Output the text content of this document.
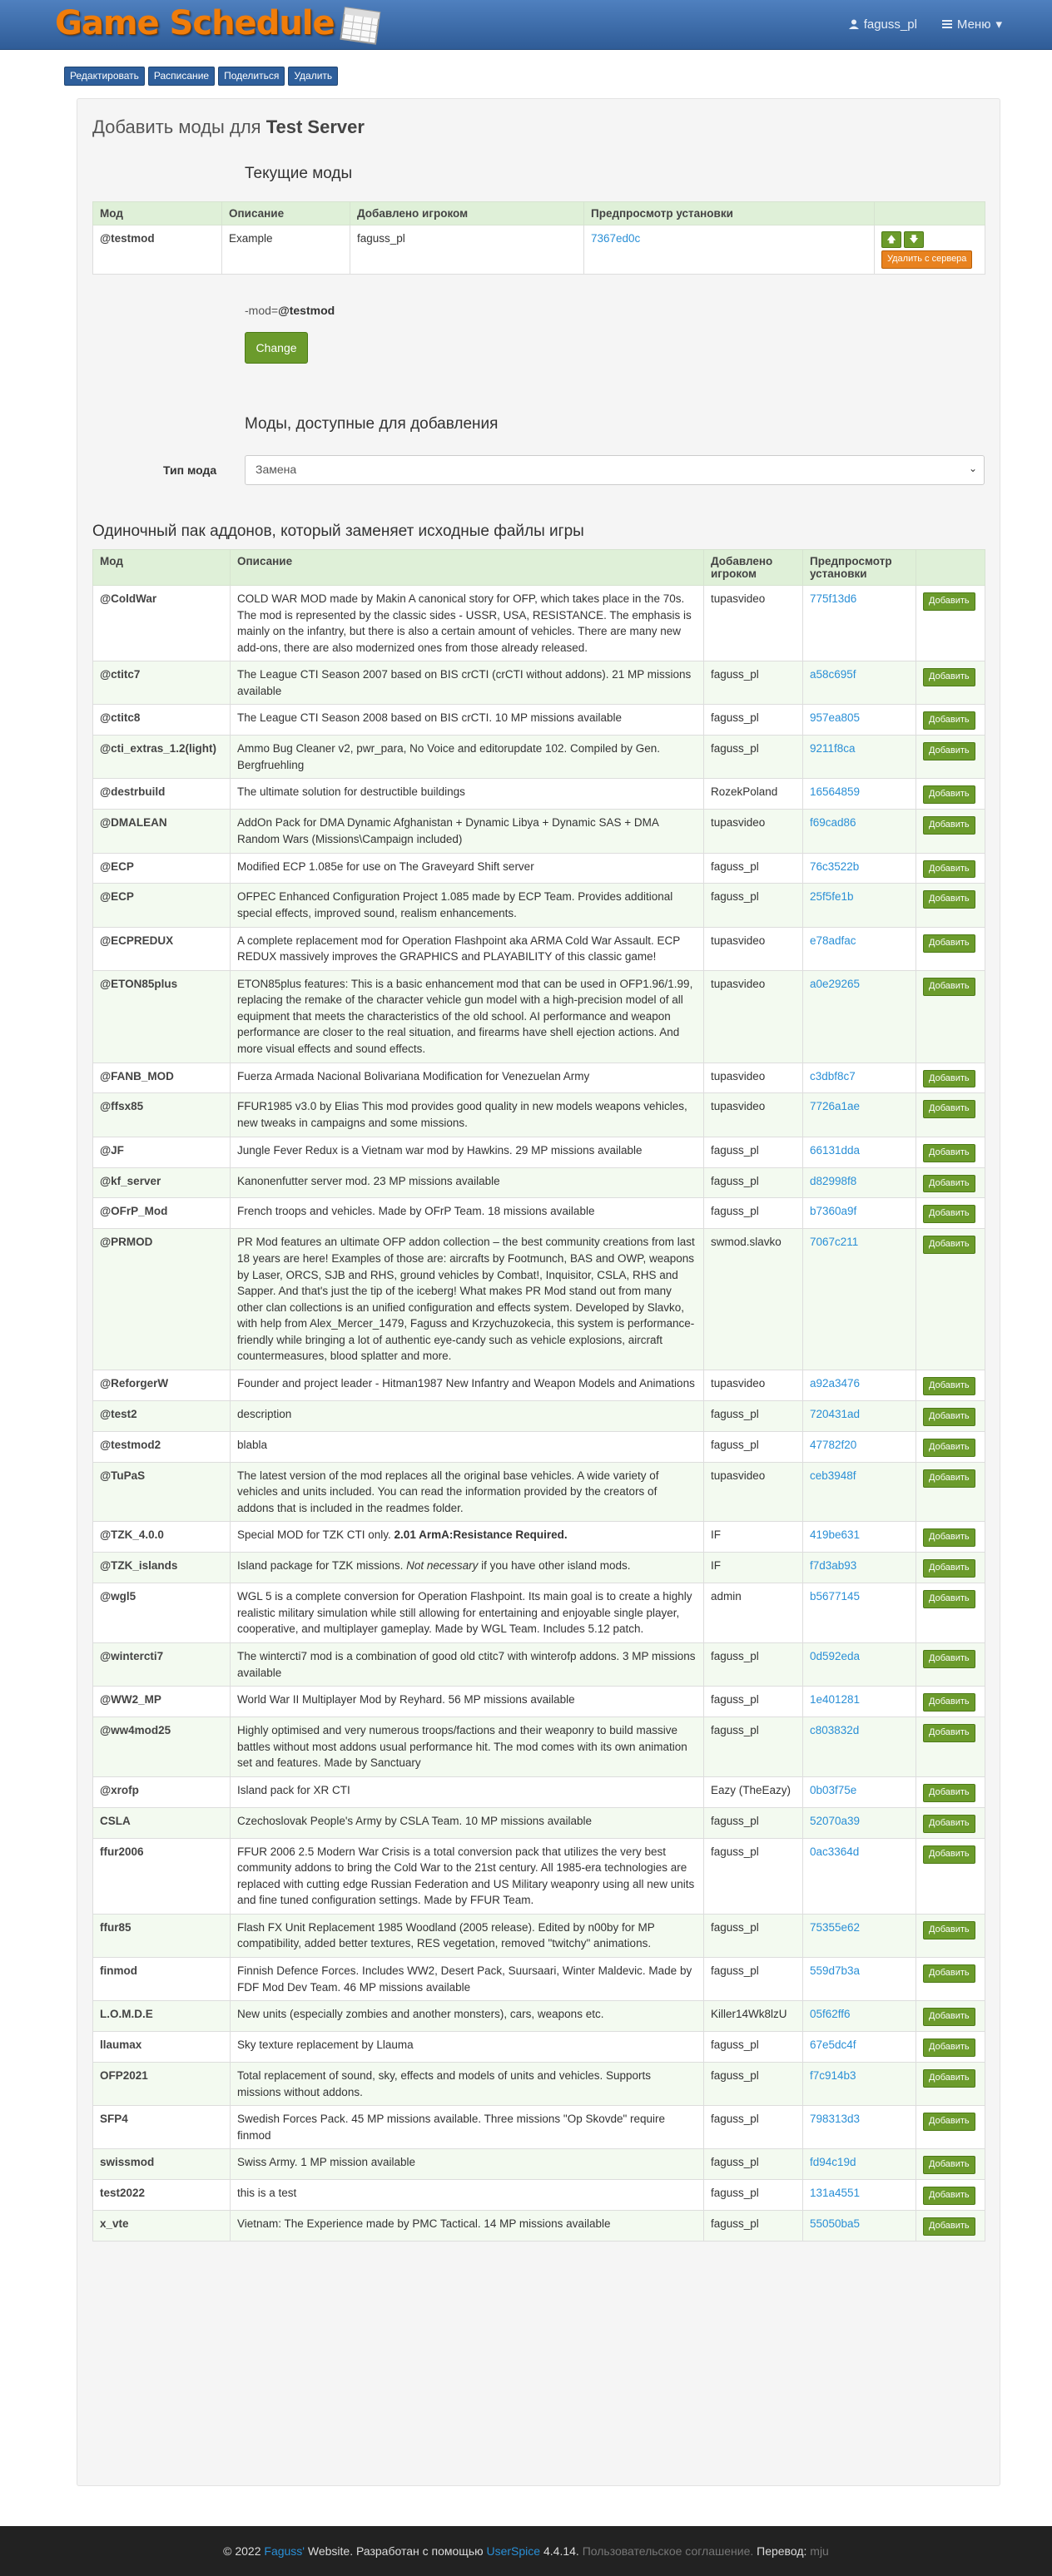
Game Schedule	faguss_pl	Меню ▾
Редактировать	Расписание	Поделиться	Удалить
Добавить моды для Test Server
Текущие моды
Мод	Описание	Добавлено игроком	Предпросмотр установки	
@testmod	Example	faguss_pl	7367ed0c	🡅 🡇
Удалить с сервера
-mod=@testmod
Change
Моды, доступные для добавления
Тип мода	Замена	⌄
Одиночный пак аддонов, который заменяет исходные файлы игры
Мод	Описание	Добавлено игроком	Предпросмотр установки	
@ColdWar	COLD WAR MOD made by Makin A canonical story for OFP, which takes place in the 70s. The mod is represented by the classic sides - USSR, USA, RESISTANCE. The emphasis is mainly on the infantry, but there is also a certain amount of vehicles. There are many new add-ons, there are also modernized ones from those already released.	tupasvideo	775f13d6	Добавить
@ctitc7	The League CTI Season 2007 based on BIS crCTI (crCTI without addons). 21 MP missions available	faguss_pl	a58c695f	Добавить
@ctitc8	The League CTI Season 2008 based on BIS crCTI. 10 MP missions available	faguss_pl	957ea805	Добавить
@cti_extras_1.2(light)	Ammo Bug Cleaner v2, pwr_para, No Voice and editorupdate 102. Compiled by Gen. Bergfruehling	faguss_pl	9211f8ca	Добавить
@destrbuild	The ultimate solution for destructible buildings	RozekPoland	16564859	Добавить
@DMALEAN	AddOn Pack for DMA Dynamic Afghanistan + Dynamic Libya + Dynamic SAS + DMA Random Wars (Missions\Campaign included)	tupasvideo	f69cad86	Добавить
@ECP	Modified ECP 1.085e for use on The Graveyard Shift server	faguss_pl	76c3522b	Добавить
@ECP	OFPEC Enhanced Configuration Project 1.085 made by ECP Team. Provides additional special effects, improved sound, realism enhancements.	faguss_pl	25f5fe1b	Добавить
@ECPREDUX	A complete replacement mod for Operation Flashpoint aka ARMA Cold War Assault. ECP REDUX massively improves the GRAPHICS and PLAYABILITY of this classic game!	tupasvideo	e78adfac	Добавить
@ETON85plus	ETON85plus features: This is a basic enhancement mod that can be used in OFP1.96/1.99, replacing the remake of the character vehicle gun model with a high-precision model of all equipment that meets the characteristics of the old school. AI performance and weapon performance are closer to the real situation, and firearms have shell ejection actions. And more visual effects and sound effects.	tupasvideo	a0e29265	Добавить
@FANB_MOD	Fuerza Armada Nacional Bolivariana Modification for Venezuelan Army	tupasvideo	c3dbf8c7	Добавить
@ffsx85	FFUR1985 v3.0 by Elias This mod provides good quality in new models weapons vehicles, new tweaks in campaigns and some missions.	tupasvideo	7726a1ae	Добавить
@JF	Jungle Fever Redux is a Vietnam war mod by Hawkins. 29 MP missions available	faguss_pl	66131dda	Добавить
@kf_server	Kanonenfutter server mod. 23 MP missions available	faguss_pl	d82998f8	Добавить
@OFrP_Mod	French troops and vehicles. Made by OFrP Team. 18 missions available	faguss_pl	b7360a9f	Добавить
@PRMOD	PR Mod features an ultimate OFP addon collection – the best community creations from last 18 years are here! Examples of those are: aircrafts by Footmunch, BAS and OWP, weapons by Laser, ORCS, SJB and RHS, ground vehicles by Combat!, Inquisitor, CSLA, RHS and Sapper. And that's just the tip of the iceberg! What makes PR Mod stand out from many other clan collections is an unified configuration and effects system. Developed by Slavko, with help from Alex_Mercer_1479, Faguss and Krzychuzokecia, this system is performance-friendly while bringing a lot of authentic eye-candy such as vehicle explosions, aircraft countermeasures, blood splatter and more.	swmod.slavko	7067c211	Добавить
@ReforgerW	Founder and project leader - Hitman1987 New Infantry and Weapon Models and Animations	tupasvideo	a92a3476	Добавить
@test2	description	faguss_pl	720431ad	Добавить
@testmod2	blabla	faguss_pl	47782f20	Добавить
@TuPaS	The latest version of the mod replaces all the original base vehicles. A wide variety of vehicles and units included. You can read the information provided by the creators of addons that is included in the readmes folder.	tupasvideo	ceb3948f	Добавить
@TZK_4.0.0	Special MOD for TZK CTI only. 2.01 ArmA:Resistance Required.	IF	419be631	Добавить
@TZK_islands	Island package for TZK missions. Not necessary if you have other island mods.	IF	f7d3ab93	Добавить
@wgl5	WGL 5 is a complete conversion for Operation Flashpoint. Its main goal is to create a highly realistic military simulation while still allowing for entertaining and enjoyable single player, cooperative, and multiplayer gameplay. Made by WGL Team. Includes 5.12 patch.	admin	b5677145	Добавить
@wintercti7	The wintercti7 mod is a combination of good old ctitc7 with winterofp addons. 3 MP missions available	faguss_pl	0d592eda	Добавить
@WW2_MP	World War II Multiplayer Mod by Reyhard. 56 MP missions available	faguss_pl	1e401281	Добавить
@ww4mod25	Highly optimised and very numerous troops/factions and their weaponry to build massive battles without most addons usual performance hit. The mod comes with its own animation set and features. Made by Sanctuary	faguss_pl	c803832d	Добавить
@xrofp	Island pack for XR CTI	Eazy (TheEazy)	0b03f75e	Добавить
CSLA	Czechoslovak People's Army by CSLA Team. 10 MP missions available	faguss_pl	52070a39	Добавить
ffur2006	FFUR 2006 2.5 Modern War Crisis is a total conversion pack that utilizes the very best community addons to bring the Cold War to the 21st century. All 1985-era technologies are replaced with cutting edge Russian Federation and US Military weaponry using all new units and fine tuned configuration settings. Made by FFUR Team.	faguss_pl	0ac3364d	Добавить
ffur85	Flash FX Unit Replacement 1985 Woodland (2005 release). Edited by n00by for MP compatibility, added better textures, RES vegetation, removed "twitchy" animations.	faguss_pl	75355e62	Добавить
finmod	Finnish Defence Forces. Includes WW2, Desert Pack, Suursaari, Winter Maldevic. Made by FDF Mod Dev Team. 46 MP missions available	faguss_pl	559d7b3a	Добавить
L.O.M.D.E	New units (especially zombies and another monsters), cars, weapons etc.	Killer14Wk8lzU	05f62ff6	Добавить
llaumax	Sky texture replacement by Llauma	faguss_pl	67e5dc4f	Добавить
OFP2021	Total replacement of sound, sky, effects and models of units and vehicles. Supports missions without addons.	faguss_pl	f7c914b3	Добавить
SFP4	Swedish Forces Pack. 45 MP missions available. Three missions "Op Skovde" require finmod	faguss_pl	798313d3	Добавить
swissmod	Swiss Army. 1 MP mission available	faguss_pl	fd94c19d	Добавить
test2022	this is a test	faguss_pl	131a4551	Добавить
x_vte	Vietnam: The Experience made by PMC Tactical. 14 MP missions available	faguss_pl	55050ba5	Добавить
© 2022 Faguss' Website. Разработан с помощью UserSpice 4.4.14. Пользовательское соглашение. Перевод: mju
